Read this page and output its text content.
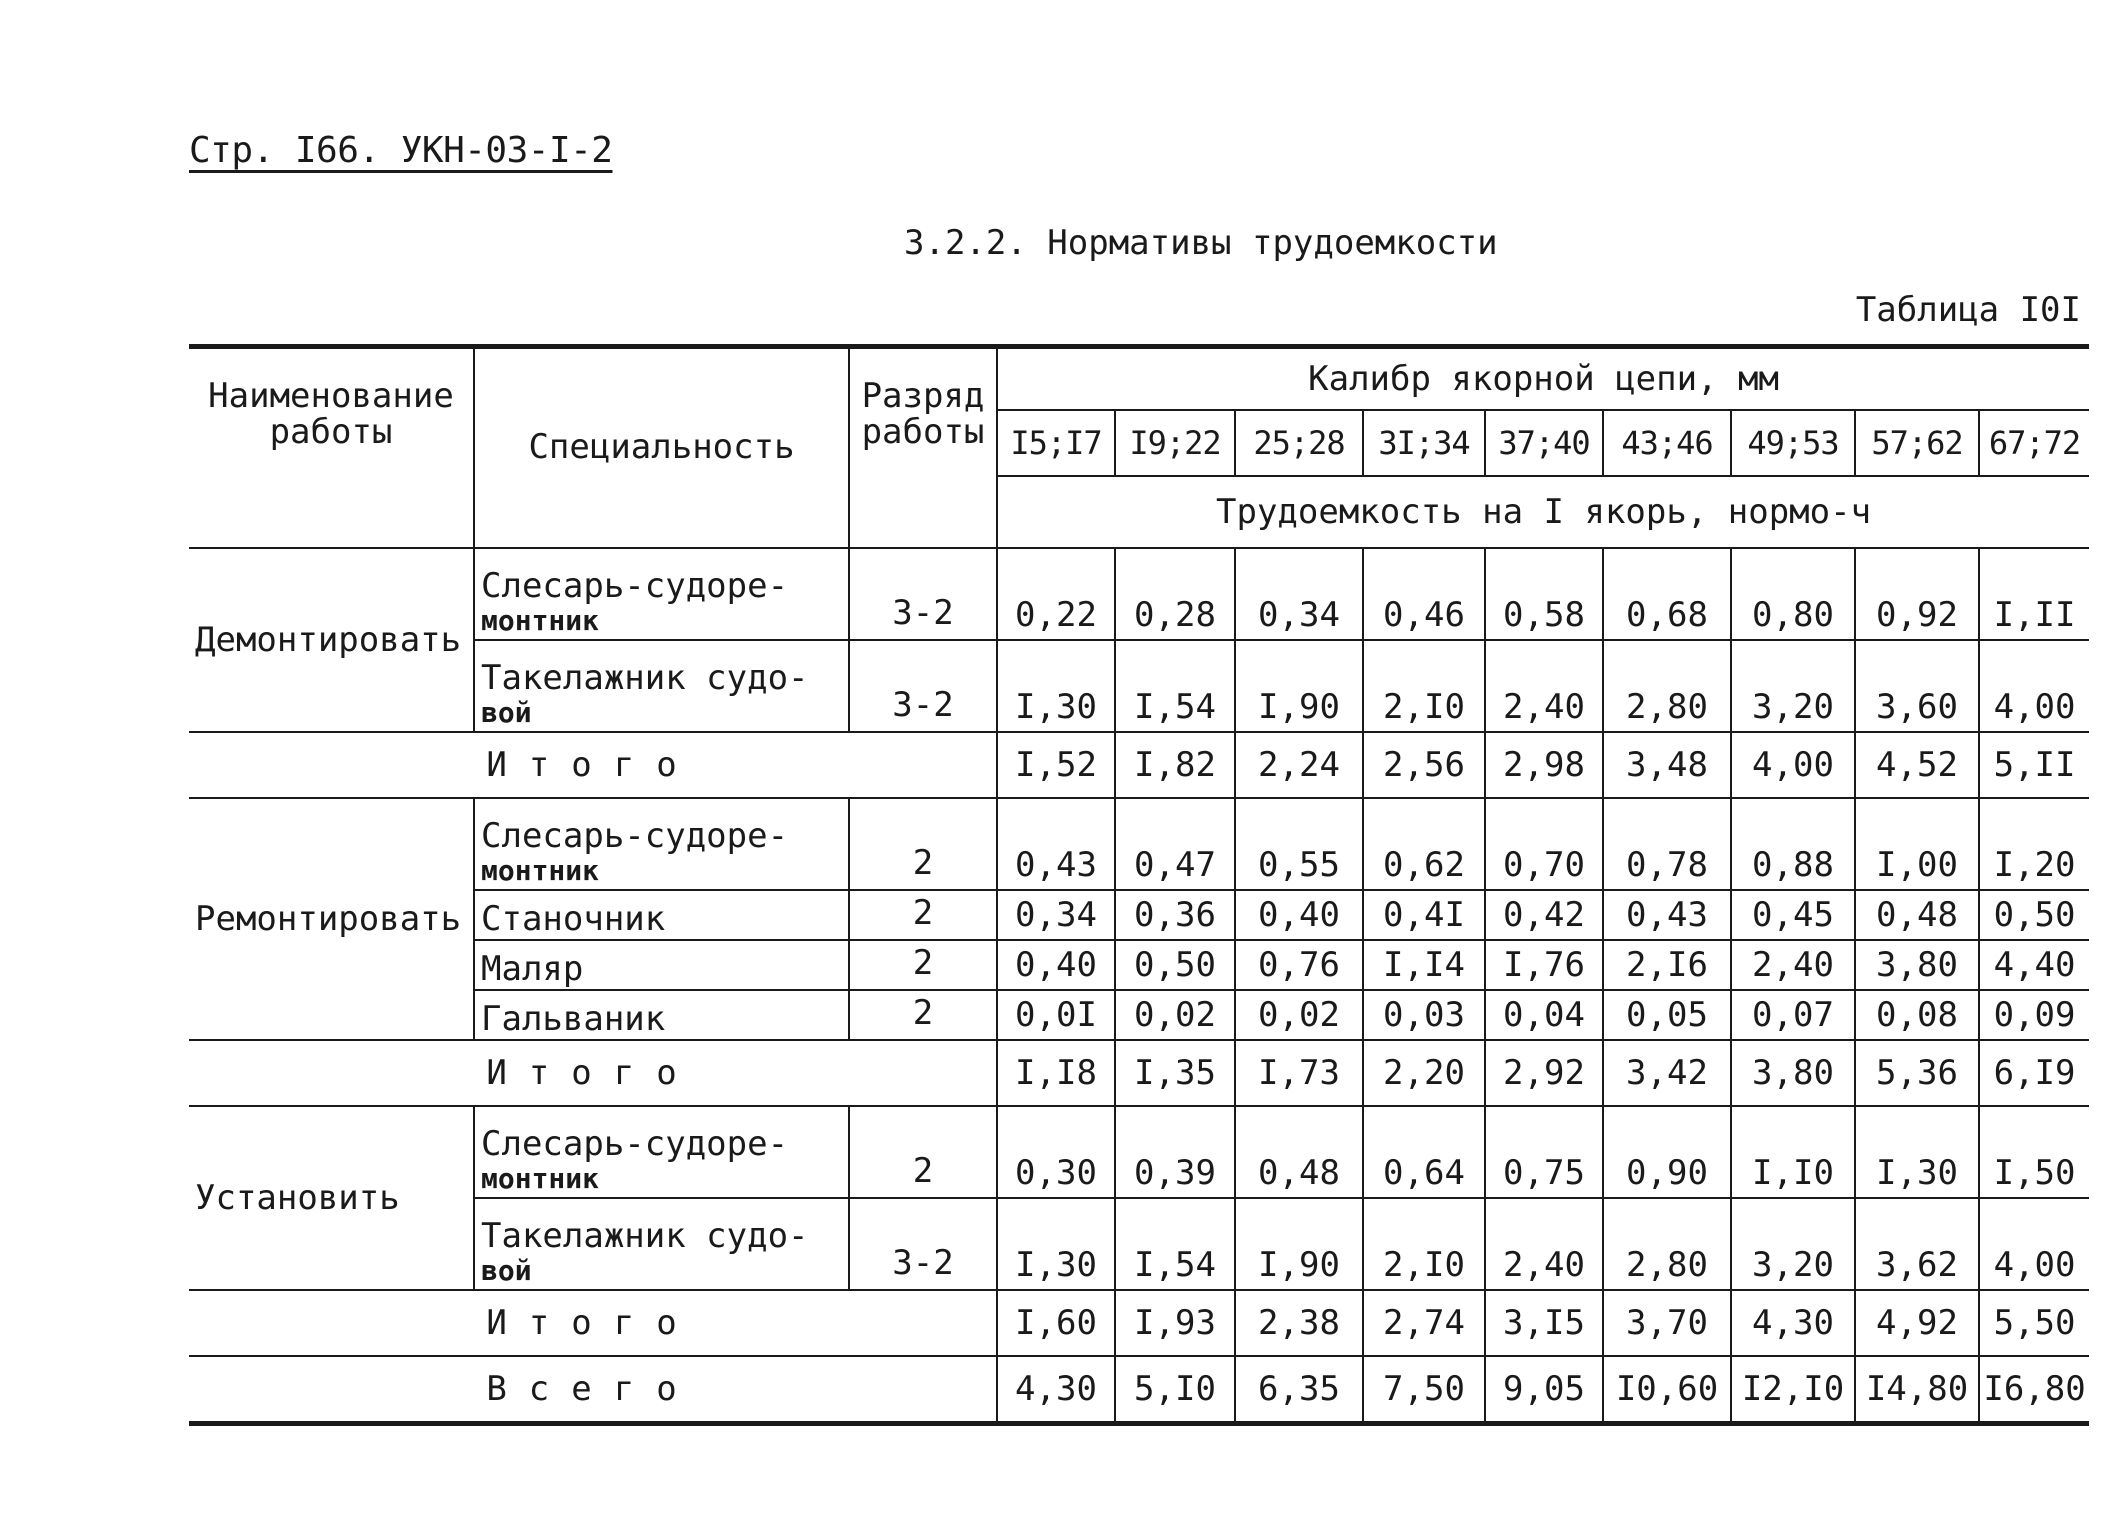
Стр. I66. УКН-03-I-2
3.2.2. Нормативы трудоемкости
Таблица I0I
Наименование работы	Специальность	Разряд работы	Калибр якорной цепи, мм								
			I5;I7	I9;22	25;28	3I;34	37;40	43;46	49;53	57;62	67;72
			Трудоемкость на I якорь, нормо-ч								
Демонтировать	Слесарь-судоре-
монтник	3-2	0,22	0,28	0,34	0,46	0,58	0,68	0,80	0,92	I,II
	Такелажник судо-
вой	3-2	I,30	I,54	I,90	2,I0	2,40	2,80	3,20	3,60	4,00
Итого			I,52	I,82	2,24	2,56	2,98	3,48	4,00	4,52	5,II
Ремонтировать	Слесарь-судоре-
монтник	2	0,43	0,47	0,55	0,62	0,70	0,78	0,88	I,00	I,20
	Станочник	2	0,34	0,36	0,40	0,4I	0,42	0,43	0,45	0,48	0,50
	Маляр	2	0,40	0,50	0,76	I,I4	I,76	2,I6	2,40	3,80	4,40
	Гальваник	2	0,0I	0,02	0,02	0,03	0,04	0,05	0,07	0,08	0,09
Итого			I,I8	I,35	I,73	2,20	2,92	3,42	3,80	5,36	6,I9
Установить	Слесарь-судоре-
монтник	2	0,30	0,39	0,48	0,64	0,75	0,90	I,I0	I,30	I,50
	Такелажник судо-
вой	3-2	I,30	I,54	I,90	2,I0	2,40	2,80	3,20	3,62	4,00
Итого			I,60	I,93	2,38	2,74	3,I5	3,70	4,30	4,92	5,50
Всего			4,30	5,I0	6,35	7,50	9,05	I0,60	I2,I0	I4,80	I6,80
